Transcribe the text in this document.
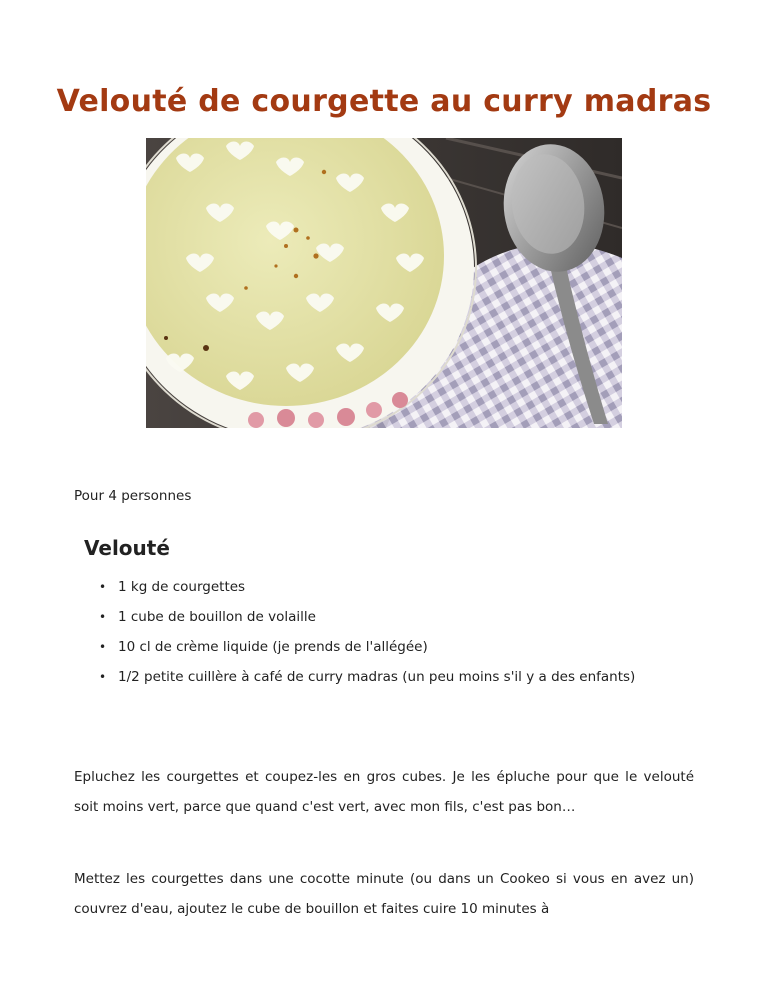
Velouté de courgette au curry madras

Pour 4 personnes

Velouté
• 1 kg de courgettes
• 1 cube de bouillon de volaille
• 10 cl de crème liquide (je prends de l'allégée)
• 1/2 petite cuillère à café de curry madras (un peu moins s'il y a des enfants)

Epluchez les courgettes et coupez-les en gros cubes. Je les épluche pour que le velouté soit moins vert, parce que quand c'est vert, avec mon fils, c'est pas bon…

Mettez les courgettes dans une cocotte minute (ou dans un Cookeo si vous en avez un) couvrez d'eau, ajoutez le cube de bouillon et faites cuire 10 minutes à
